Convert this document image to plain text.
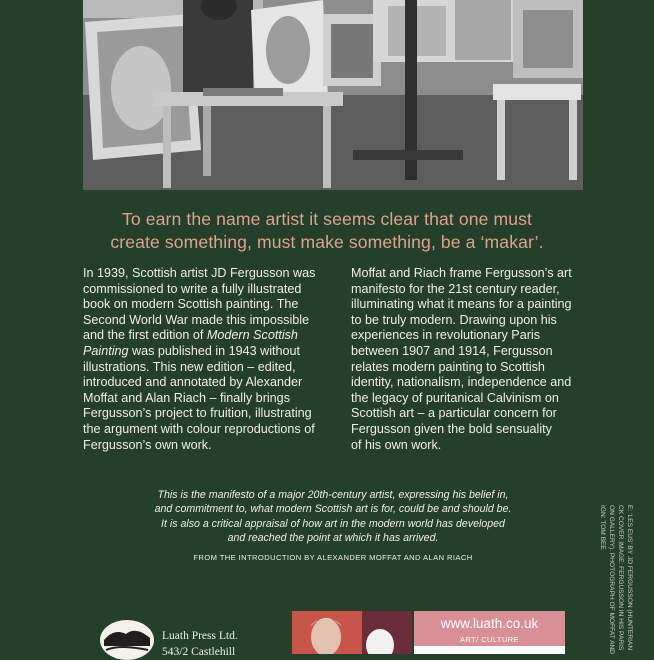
To earn the name artist it seems clear that one must
create something, must make something, be a ‘makar’.
In 1939, Scottish artist JD Fergusson was
commissioned to write a fully illustrated
book on modern Scottish painting. The
Second World War made this impossible
and the first edition of Modern Scottish
Painting was published in 1943 without
illustrations. This new edition – edited,
introduced and annotated by Alexander
Moffat and Alan Riach – finally brings
Fergusson’s project to fruition, illustrating
the argument with colour reproductions of
Fergusson’s own work.
Moffat and Riach frame Fergusson’s art
manifesto for the 21st century reader,
illuminating what it means for a painting
to be truly modern. Drawing upon his
experiences in revolutionary Paris
between 1907 and 1914, Fergusson
relates modern painting to Scottish
identity, nationalism, independence and
the legacy of puritanical Calvinism on
Scottish art – a particular concern for
Fergusson given the bold sensuality
of his own work.
This is the manifesto of a major 20th-century artist, expressing his belief in,
and commitment to, what modern Scottish art is for, could be and should be.
It is also a critical appraisal of how art in the modern world has developed
and reached the point at which it has arrived.
FROM THE INTRODUCTION BY ALEXANDER MOFFAT AND ALAN RIACH	E: ‘LES EUS’ BY JD FERGUSSON (HUNTERIAN
CK COVER IMAGE: FERGUSSON IN HIS PARIS
ON GALLERY). PHOTOGRAPH OF MOFFAT AND
IGN: TOM BEE
Luath Press Ltd.
543/2 Castlehill
www.luath.co.uk
ART/ CULTURE
